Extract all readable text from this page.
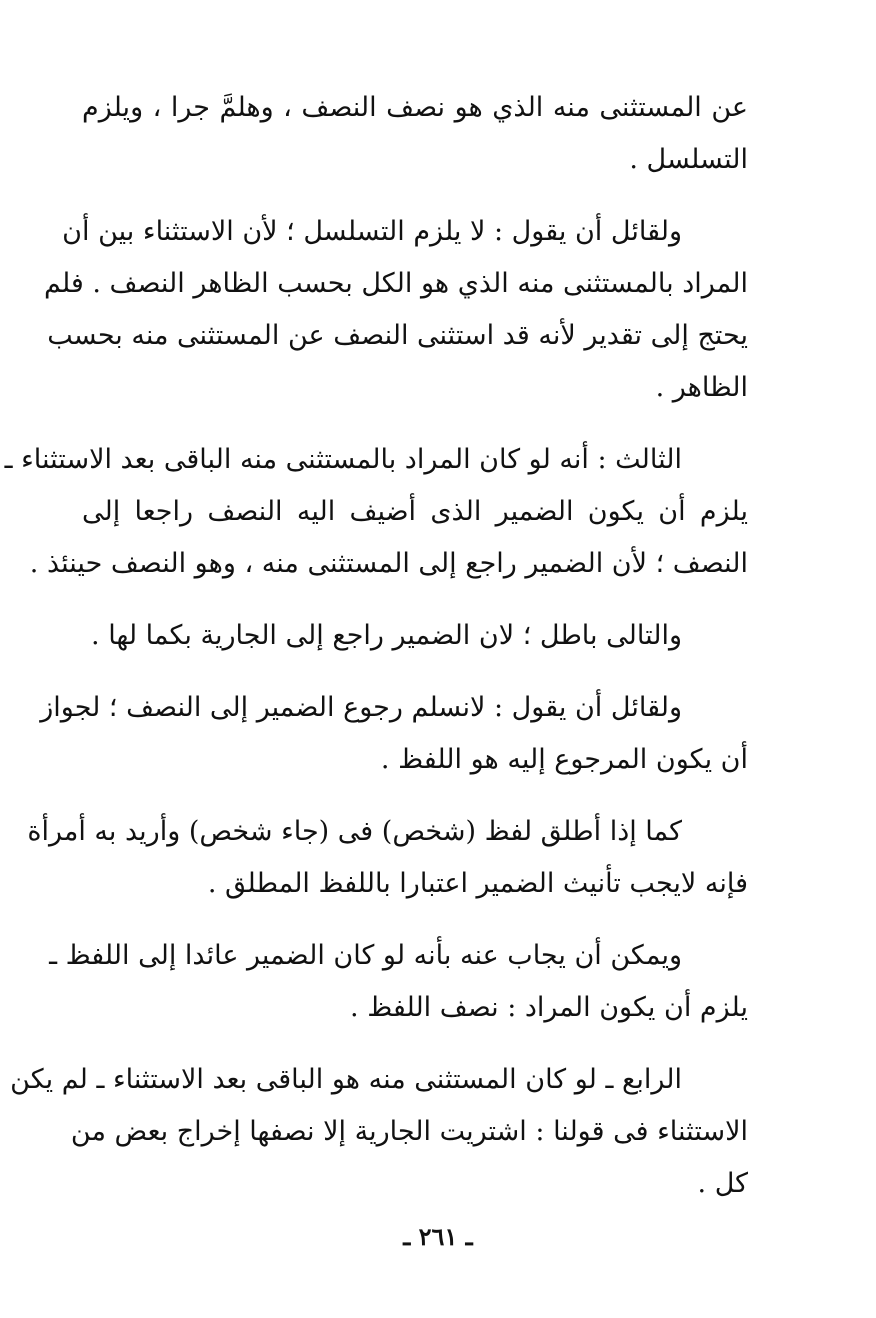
عن المستثنى منه الذي هو نصف النصف ، وهلمَّ جرا ، ويلزم
التسلسل .
ولقائل أن يقول : لا يلزم التسلسل ؛ لأن الاستثناء بين أن
المراد بالمستثنى منه الذي هو الكل بحسب الظاهر النصف . فلم
يحتج إلى تقدير لأنه قد استثنى النصف عن المستثنى منه بحسب
الظاهر .
الثالث : أنه لو كان المراد بالمستثنى منه الباقى بعد الاستثناء ـ
يلزم أن يكون الضمير الذى أضيف اليه النصف راجعا إلى
النصف ؛ لأن الضمير راجع إلى المستثنى منه ، وهو النصف حينئذ .
والتالى باطل ؛ لان الضمير راجع إلى الجارية بكما لها .
ولقائل أن يقول : لانسلم رجوع الضمير إلى النصف ؛ لجواز
أن يكون المرجوع إليه هو اللفظ .
كما إذا أطلق لفظ (شخص) فى (جاء شخص) وأريد به أمرأة
فإنه لايجب تأنيث الضمير اعتبارا باللفظ المطلق .
ويمكن أن يجاب عنه بأنه لو كان الضمير عائدا إلى اللفظ ـ
يلزم أن يكون المراد : نصف اللفظ .
الرابع ـ لو كان المستثنى منه هو الباقى بعد الاستثناء ـ لم يكن
الاستثناء فى قولنا : اشتريت الجارية إلا نصفها إخراج بعض من
كل .
ـ ٢٦١ ـ
